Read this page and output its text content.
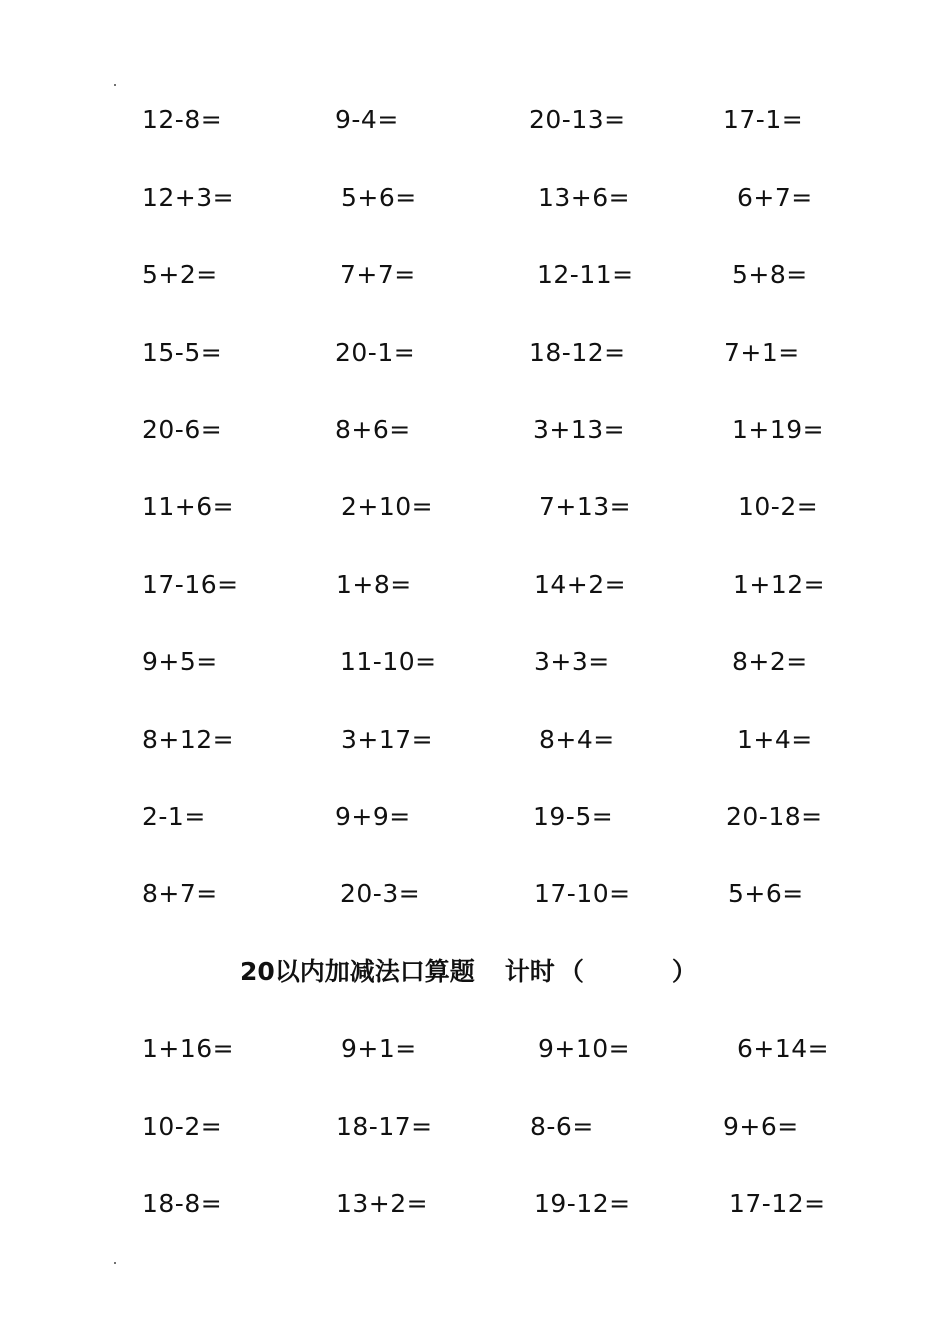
12-8=	9-4=	20-13=	17-1=
12+3=	5+6=	13+6=	6+7=
5+2=	7+7=	12-11=	5+8=
15-5=	20-1=	18-12=	7+1=
20-6=	8+6=	3+13=	1+19=
11+6=	2+10=	7+13=	10-2=
17-16=	1+8=	14+2=	1+12=
9+5=	11-10=	3+3=	8+2=
8+12=	3+17=	8+4=	1+4=
2-1=	9+9=	19-5=	20-18=
8+7=	20-3=	17-10=	5+6=
20以内加减法口算题 计时 （	）
1+16=	9+1=	9+10=	6+14=
10-2=	18-17=	8-6=	9+6=
18-8=	13+2=	19-12=	17-12=
